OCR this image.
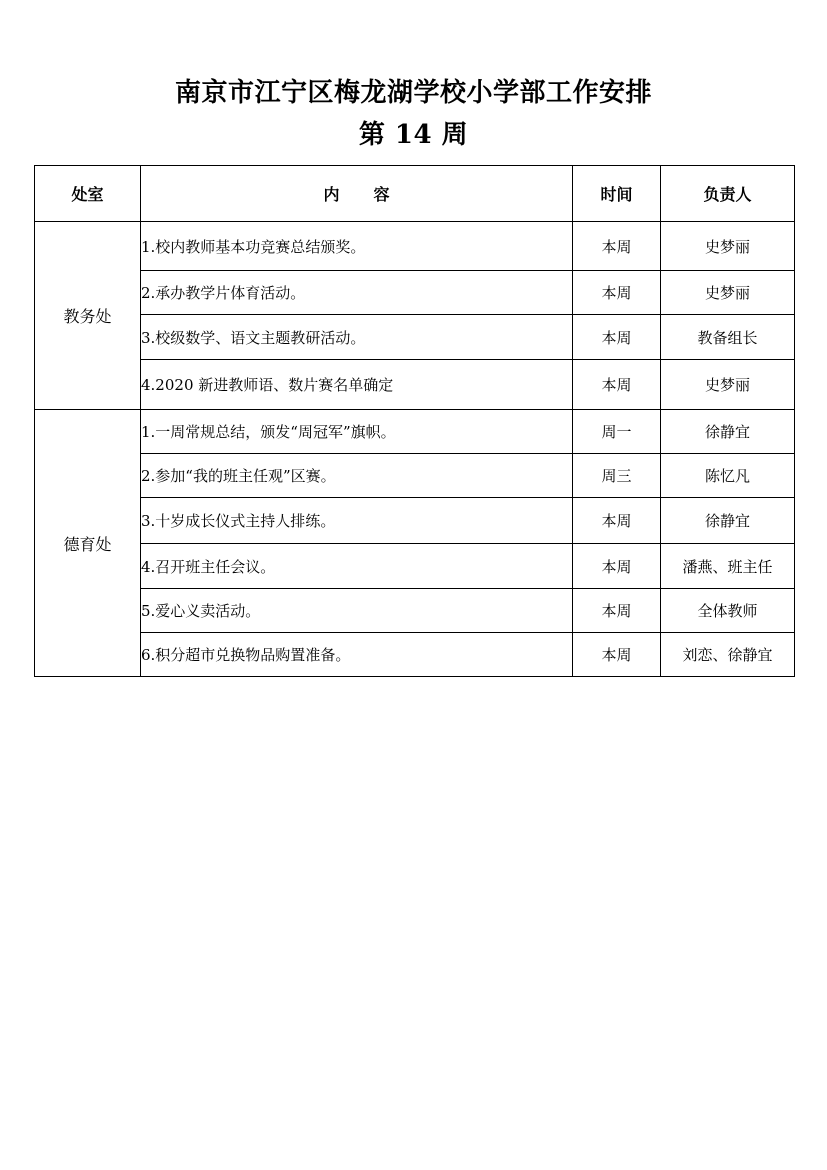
南京市江宁区梅龙湖学校小学部工作安排
第 14 周
处室	内 容	时间	负责人
教务处	1.校内教师基本功竞赛总结颁奖。	本周	史梦丽
	2.承办教学片体育活动。	本周	史梦丽
	3.校级数学、语文主题教研活动。	本周	教备组长
	4.2020 新进教师语、数片赛名单确定	本周	史梦丽
德育处	1.一周常规总结，颁发“周冠军”旗帜。	周一	徐静宜
	2.参加“我的班主任观”区赛。	周三	陈忆凡
	3.十岁成长仪式主持人排练。	本周	徐静宜
	4.召开班主任会议。	本周	潘燕、班主任
	5.爱心义卖活动。	本周	全体教师
	6.积分超市兑换物品购置准备。	本周	刘恋、徐静宜
